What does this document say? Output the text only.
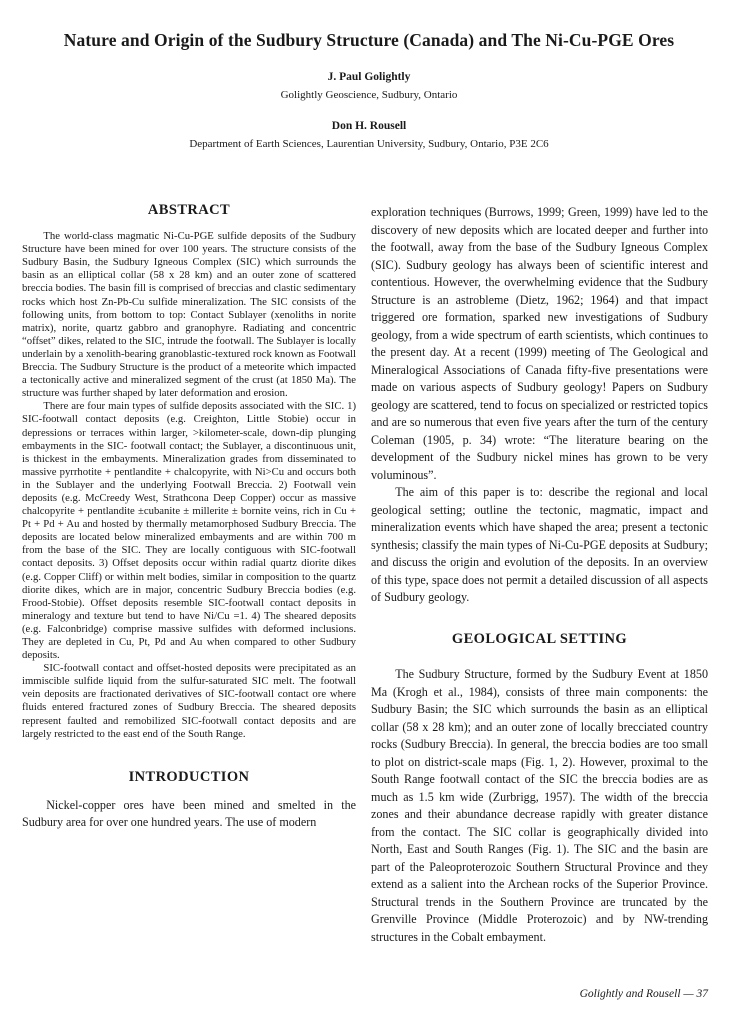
Nature and Origin of the Sudbury Structure (Canada) and The Ni-Cu-PGE Ores
J. Paul Golightly
Golightly Geoscience, Sudbury, Ontario
Don H. Rousell
Department of Earth Sciences, Laurentian University, Sudbury, Ontario, P3E 2C6
ABSTRACT

The world-class magmatic Ni-Cu-PGE sulfide deposits of the Sudbury Structure have been mined for over 100 years. The structure consists of the Sudbury Basin, the Sudbury Igneous Complex (SIC) which surrounds the basin as an elliptical collar (58 x 28 km) and an outer zone of scattered breccia bodies. The basin fill is comprised of breccias and clastic sedimentary rocks which host Zn-Pb-Cu sulfide mineralization. The SIC consists of the following units, from bottom to top: Contact Sublayer (xenoliths in norite matrix), norite, quartz gabbro and granophyre. Radiating and concentric “offset” dikes, related to the SIC, intrude the footwall. The Sublayer is locally underlain by a xenolith-bearing granoblastic-textured rock known as Footwall Breccia. The Sudbury Structure is the product of a meteorite which impacted a tectonically active and mineralized segment of the crust (at 1850 Ma). The structure was further shaped by later deformation and erosion.

There are four main types of sulfide deposits associated with the SIC. 1) SIC-footwall contact deposits (e.g. Creighton, Little Stobie) occur in depressions or terraces within larger, >kilometer-scale, down-dip plunging embayments in the SIC- footwall contact; the Sublayer, a discontinuous unit, is thickest in the embayments. Mineralization grades from disseminated to massive pyrrhotite + pentlandite + chalcopyrite, with Ni>Cu and occurs both in the Sublayer and the underlying Footwall Breccia. 2) Footwall vein deposits (e.g. McCreedy West, Strathcona Deep Copper) occur as massive chalcopyrite + pentlandite ±cubanite ± millerite ± bornite veins, rich in Cu + Pt + Pd + Au and hosted by thermally metamorphosed Sudbury Breccia. The deposits are located below mineralized embayments and are within 700 m from the base of the SIC. They are locally contiguous with SIC-footwall contact deposits. 3) Offset deposits occur within radial quartz diorite dikes (e.g. Copper Cliff) or within melt bodies, similar in composition to the quartz diorite dikes, which are in major, concentric Sudbury Breccia bodies (e.g. Frood-Stobie). Offset deposits resemble SIC-footwall contact deposits in mineralogy and texture but tend to have Ni/Cu =1. 4) The sheared deposits (e.g. Falconbridge) comprise massive sulfides with deformed inclusions. They are depleted in Cu, Pt, Pd and Au when compared to other Sudbury deposits.

SIC-footwall contact and offset-hosted deposits were precipitated as an immiscible sulfide liquid from the sulfur-saturated SIC melt. The footwall vein deposits are fractionated derivatives of SIC-footwall contact ore where fluids entered fractured zones of Sudbury Breccia. The sheared deposits represent faulted and remobilized SIC-footwall contact deposits and are largely restricted to the east end of the South Range.

INTRODUCTION

Nickel-copper ores have been mined and smelted in the Sudbury area for over one hundred years. The use of modern

exploration techniques (Burrows, 1999; Green, 1999) have led to the discovery of new deposits which are located deeper and further into the footwall, away from the base of the Sudbury Igneous Complex (SIC). Sudbury geology has always been of scientific interest and contentious. However, the overwhelming evidence that the Sudbury Structure is an astrobleme (Dietz, 1962; 1964) and that impact triggered ore formation, sparked new investigations of Sudbury geology, from a wide spectrum of earth scientists, which continues to the present day. At a recent (1999) meeting of The Geological and Mineralogical Associations of Canada fifty-five presentations were made on various aspects of Sudbury geology! Papers on Sudbury geology are scattered, tend to focus on specialized or restricted topics and are so numerous that even five years after the turn of the century Coleman (1905, p. 34) wrote: “The literature bearing on the development of the Sudbury nickel mines has grown to be very voluminous”.

The aim of this paper is to: describe the regional and local geological setting; outline the tectonic, magmatic, impact and mineralization events which have shaped the area; present a tectonic synthesis; classify the main types of Ni-Cu-PGE deposits at Sudbury; and discuss the origin and evolution of the deposits. In an overview of this type, space does not permit a detailed discussion of all aspects of Sudbury geology.

GEOLOGICAL SETTING

The Sudbury Structure, formed by the Sudbury Event at 1850 Ma (Krogh et al., 1984), consists of three main components: the Sudbury Basin; the SIC which surrounds the basin as an elliptical collar (58 x 28 km); and an outer zone of locally brecciated country rocks (Sudbury Breccia). In general, the breccia bodies are too small to plot on district-scale maps (Fig. 1, 2). However, proximal to the South Range footwall contact of the SIC the breccia bodies are as much as 1.5 km wide (Zurbrigg, 1957). The width of the breccia zones and their abundance decrease rapidly with greater distance from the contact. The SIC collar is geographically divided into North, East and South Ranges (Fig. 1). The SIC and the basin are part of the Paleoproterozoic Southern Structural Province and they extend as a salient into the Archean rocks of the Superior Province. Structural trends in the Southern Province are truncated by the Grenville Province (Middle Proterozoic) and by NW-trending structures in the Cobalt embayment.

Golightly and Rousell — 37
